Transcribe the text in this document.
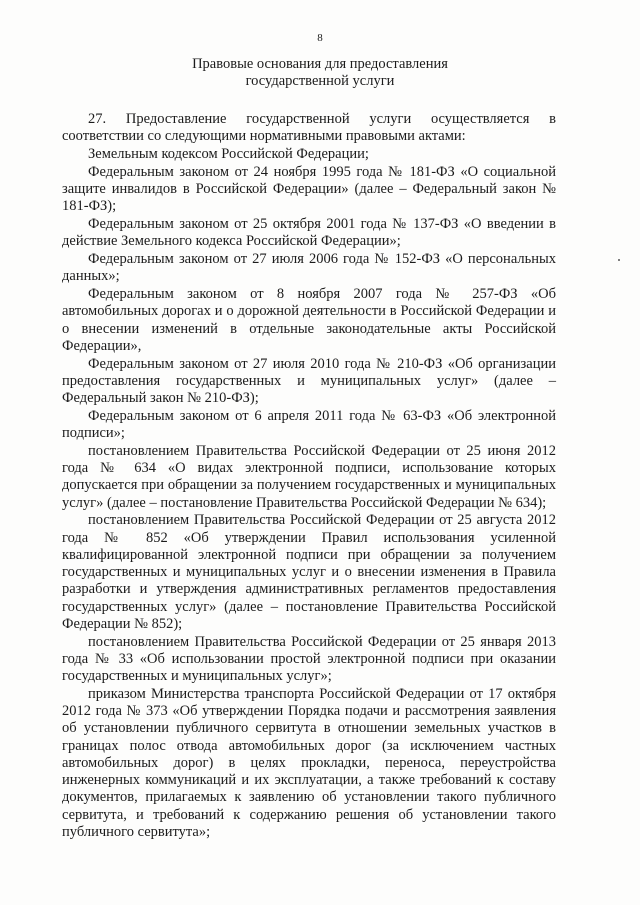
8
Правовые основания для предоставления
государственной услуги

27. Предоставление государственной услуги осуществляется в соответствии со следующими нормативными правовыми актами:

Земельным кодексом Российской Федерации;

Федеральным законом от 24 ноября 1995 года № 181-ФЗ «О социальной защите инвалидов в Российской Федерации» (далее – Федеральный закон № 181-ФЗ);

Федеральным законом от 25 октября 2001 года № 137-ФЗ «О введении в действие Земельного кодекса Российской Федерации»;

Федеральным законом от 27 июля 2006 года № 152-ФЗ «О персональных данных»;

Федеральным законом от 8 ноября 2007 года № 257-ФЗ «Об автомобильных дорогах и о дорожной деятельности в Российской Федерации и о внесении изменений в отдельные законодательные акты Российской Федерации»,

Федеральным законом от 27 июля 2010 года № 210-ФЗ «Об организации предоставления государственных и муниципальных услуг» (далее – Федеральный закон № 210-ФЗ);

Федеральным законом от 6 апреля 2011 года № 63-ФЗ «Об электронной подписи»;

постановлением Правительства Российской Федерации от 25 июня 2012 года № 634 «О видах электронной подписи, использование которых допускается при обращении за получением государственных и муниципальных услуг» (далее – постановление Правительства Российской Федерации № 634);

постановлением Правительства Российской Федерации от 25 августа 2012 года № 852 «Об утверждении Правил использования усиленной квалифицированной электронной подписи при обращении за получением государственных и муниципальных услуг и о внесении изменения в Правила разработки и утверждения административных регламентов предоставления государственных услуг» (далее – постановление Правительства Российской Федерации № 852);

постановлением Правительства Российской Федерации от 25 января 2013 года № 33 «Об использовании простой электронной подписи при оказании государственных и муниципальных услуг»;

приказом Министерства транспорта Российской Федерации от 17 октября 2012 года № 373 «Об утверждении Порядка подачи и рассмотрения заявления об установлении публичного сервитута в отношении земельных участков в границах полос отвода автомобильных дорог (за исключением частных автомобильных дорог) в целях прокладки, переноса, переустройства инженерных коммуникаций и их эксплуатации, а также требований к составу документов, прилагаемых к заявлению об установлении такого публичного сервитута, и требований к содержанию решения об установлении такого публичного сервитута»;
